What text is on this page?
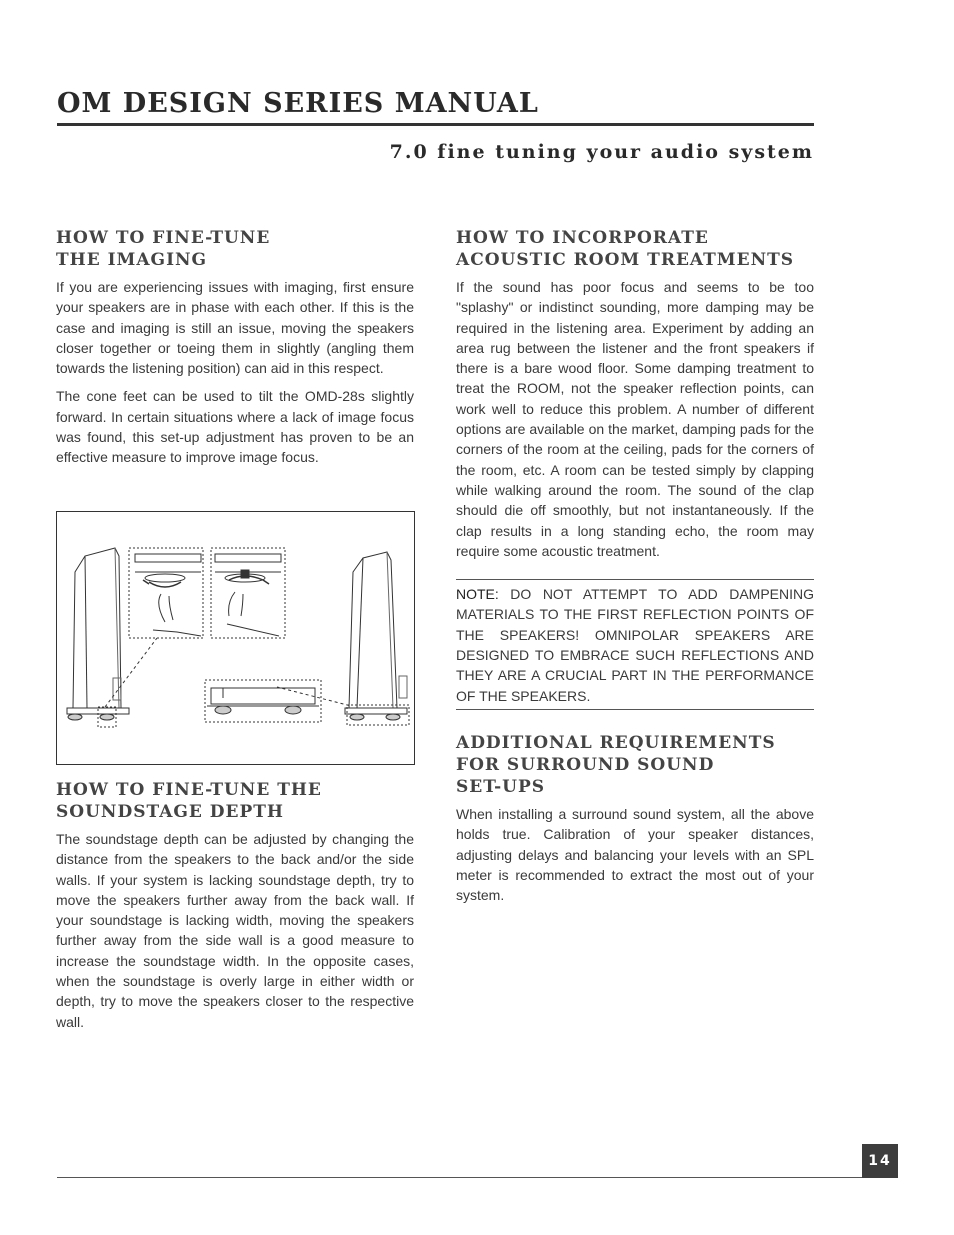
OM DESIGN SERIES MANUAL
7.0 fine tuning your audio system
HOW TO FINE-TUNE
THE IMAGING

If you are experiencing issues with imaging, first ensure your speakers are in phase with each other. If this is the case and imaging is still an issue, moving the speakers closer together or toeing them in slightly (angling them towards the listening position) can aid in this respect.

The cone feet can be used to tilt the OMD-28s slightly forward. In certain situations where a lack of image focus was found, this set-up adjustment has proven to be an effective measure to improve image focus.

HOW TO FINE-TUNE THE
SOUNDSTAGE DEPTH

The soundstage depth can be adjusted by changing the distance from the speakers to the back and/or the side walls. If your system is lacking soundstage depth, try to move the speakers further away from the back wall. If your soundstage is lacking width, moving the speakers further away from the side wall is a good measure to increase the soundstage width. In the opposite cases, when the soundstage is overly large in either width or depth, try to move the speakers closer to the respective wall.

HOW TO INCORPORATE
ACOUSTIC ROOM TREATMENTS

If the sound has poor focus and seems to be too "splashy" or indistinct sounding, more damping may be required in the listening area. Experiment by adding an area rug between the listener and the front speakers if there is a bare wood floor. Some damping treatment to treat the ROOM, not the speaker reflection points, can work well to reduce this problem. A number of different options are available on the market, damping pads for the corners of the room at the ceiling, pads for the corners of the room, etc. A room can be tested simply by clapping while walking around the room. The sound of the clap should die off smoothly, but not instantaneously. If the clap results in a long standing echo, the room may require some acoustic treatment.

NOTE: DO NOT ATTEMPT TO ADD DAMPENING MATERIALS TO THE FIRST REFLECTION POINTS OF THE SPEAKERS! OMNIPOLAR SPEAKERS ARE DESIGNED TO EMBRACE SUCH REFLECTIONS AND THEY ARE A CRUCIAL PART IN THE PERFORMANCE OF THE SPEAKERS.

ADDITIONAL REQUIREMENTS
FOR SURROUND SOUND
SET-UPS

When installing a surround sound system, all the above holds true. Calibration of your speaker distances, adjusting delays and balancing your levels with an SPL meter is recommended to extract the most out of your system.

14
